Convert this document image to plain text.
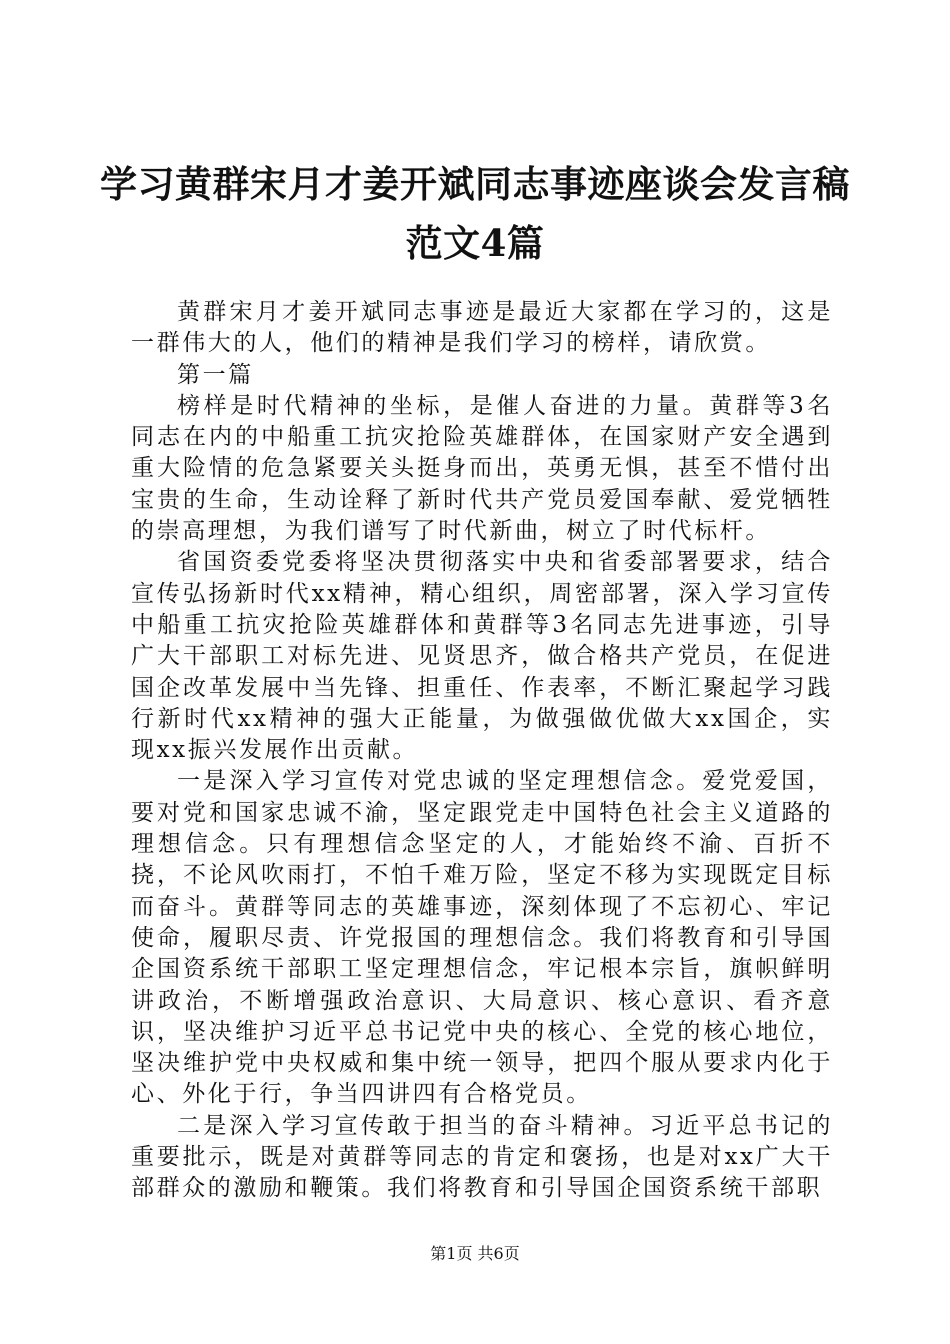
学习黄群宋月才姜开斌同志事迹座谈会发言稿
范文4篇

黄群宋月才姜开斌同志事迹是最近大家都在学习的，这是一群伟大的人，他们的精神是我们学习的榜样，请欣赏。

第一篇

榜样是时代精神的坐标，是催人奋进的力量。黄群等3名同志在内的中船重工抗灾抢险英雄群体，在国家财产安全遇到重大险情的危急紧要关头挺身而出，英勇无惧，甚至不惜付出宝贵的生命，生动诠释了新时代共产党员爱国奉献、爱党牺牲的崇高理想，为我们谱写了时代新曲，树立了时代标杆。

省国资委党委将坚决贯彻落实中央和省委部署要求，结合宣传弘扬新时代xx精神，精心组织，周密部署，深入学习宣传中船重工抗灾抢险英雄群体和黄群等3名同志先进事迹，引导广大干部职工对标先进、见贤思齐，做合格共产党员，在促进国企改革发展中当先锋、担重任、作表率，不断汇聚起学习践行新时代xx精神的强大正能量，为做强做优做大xx国企，实现xx振兴发展作出贡献。

一是深入学习宣传对党忠诚的坚定理想信念。爱党爱国，要对党和国家忠诚不渝，坚定跟党走中国特色社会主义道路的理想信念。只有理想信念坚定的人，才能始终不渝、百折不挠，不论风吹雨打，不怕千难万险，坚定不移为实现既定目标而奋斗。黄群等同志的英雄事迹，深刻体现了不忘初心、牢记使命，履职尽责、许党报国的理想信念。我们将教育和引导国企国资系统干部职工坚定理想信念，牢记根本宗旨，旗帜鲜明讲政治，不断增强政治意识、大局意识、核心意识、看齐意识，坚决维护习近平总书记党中央的核心、全党的核心地位，坚决维护党中央权威和集中统一领导，把四个服从要求内化于心、外化于行，争当四讲四有合格党员。

二是深入学习宣传敢于担当的奋斗精神。习近平总书记的重要批示，既是对黄群等同志的肯定和褒扬，也是对xx广大干部群众的激励和鞭策。我们将教育和引导国企国资系统干部职

第1页 共6页
